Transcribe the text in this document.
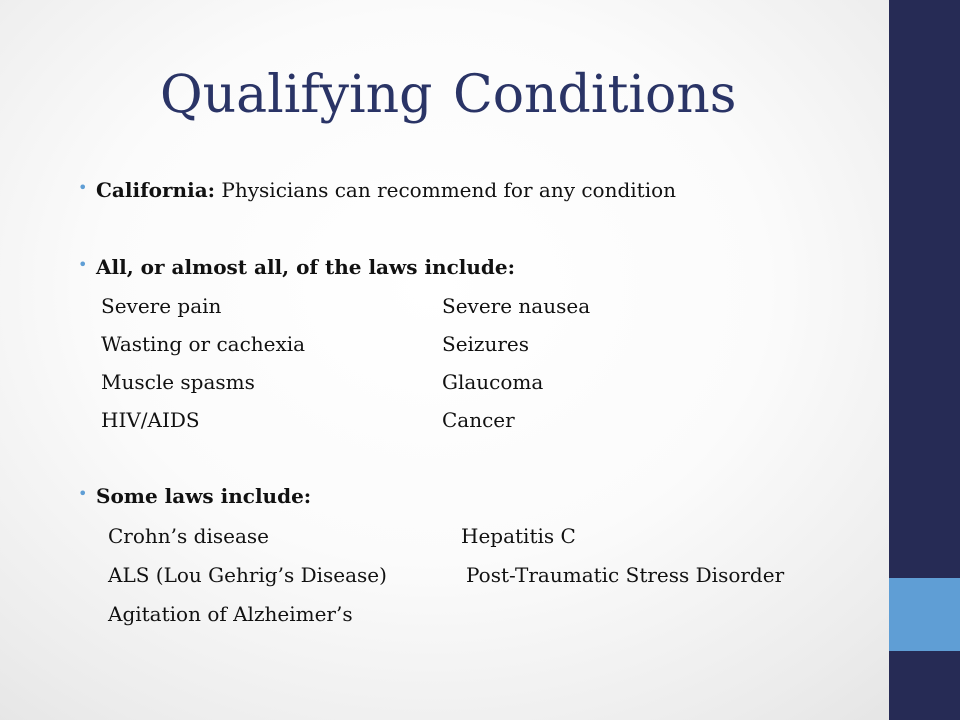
Qualifying Conditions
• California: Physicians can recommend for any condition
• All, or almost all, of the laws include:
Severe pain	Severe nausea
Wasting or cachexia	Seizures
Muscle spasms	Glaucoma
HIV/AIDS	Cancer
• Some laws include:
Crohn’s disease	Hepatitis C
ALS (Lou Gehrig’s Disease)	Post-Traumatic Stress Disorder
Agitation of Alzheimer’s
